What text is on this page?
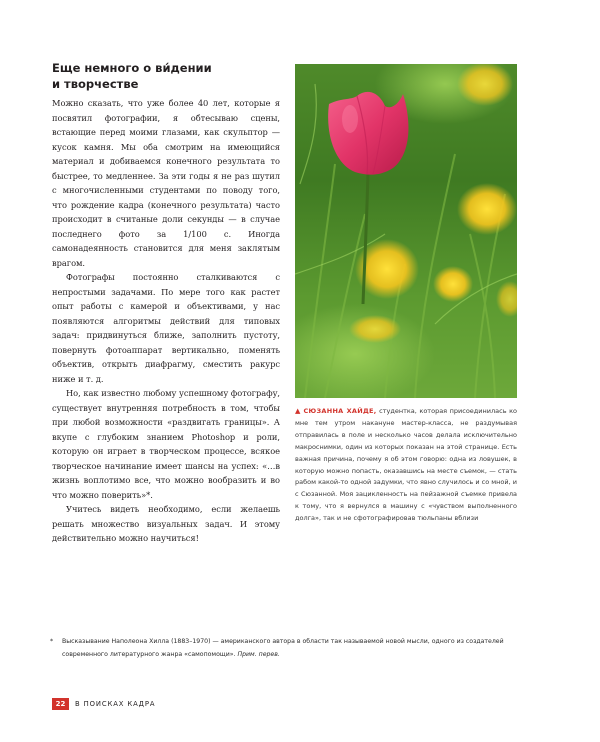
Еще немного о ви́дении
и творчестве

Можно сказать, что уже более 40 лет, которые я посвятил фотографии, я обтесываю сцены, встающие перед моими глазами, как скульптор — кусок камня. Мы оба смотрим на имеющийся материал и добиваемся конечного результата то быстрее, то медленнее. За эти годы я не раз шутил с многочисленными студентами по поводу того, что рождение кадра (конечного результата) часто происходит в считаные доли секунды — в случае последнего фото за 1/100 с. Иногда самонадеянность становится для меня заклятым врагом.

Фотографы постоянно сталкиваются с непростыми задачами. По мере того как растет опыт работы с камерой и объективами, у нас появляются алгоритмы действий для типовых задач: придвинуться ближе, заполнить пустоту, повернуть фотоаппарат вертикально, поменять объектив, открыть диафрагму, сместить ракурс ниже и т. д.

Но, как известно любому успешному фотографу, существует внутренняя потребность в том, чтобы при любой возможности «раздвигать границы». А вкупе с глубоким знанием Photoshop и роли, которую он играет в творческом процессе, всякое творческое начинание имеет шансы на успех: «…в жизнь воплотимо все, что можно вообразить и во что можно поверить»*.

Учитесь видеть необходимо, если желаешь решать множество визуальных задач. И этому действительно можно научиться!

▲ СЮЗАННА ХАЙДЕ, студентка, которая присоединилась ко мне тем утром накануне мастер-класса, не раздумывая отправилась в поле и несколько часов делала исключительно макроснимки, один из которых показан на этой странице. Есть важная причина, почему я об этом говорю: одна из ловушек, в которую можно попасть, оказавшись на месте съемок, — стать рабом какой-то одной задумки, что явно случилось и со мной, и с Сюзанной. Моя зацикленность на пейзажной съемке привела к тому, что я вернулся в машину с «чувством выполненного долга», так и не сфотографировав тюльпаны вблизи
*	Высказывание Наполеона Хилла (1883–1970) — американского автора в области так называемой новой мысли, одного из создателей современного литературного жанра «самопомощи». Прим. перев.
22	В ПОИСКАХ КАДРА
